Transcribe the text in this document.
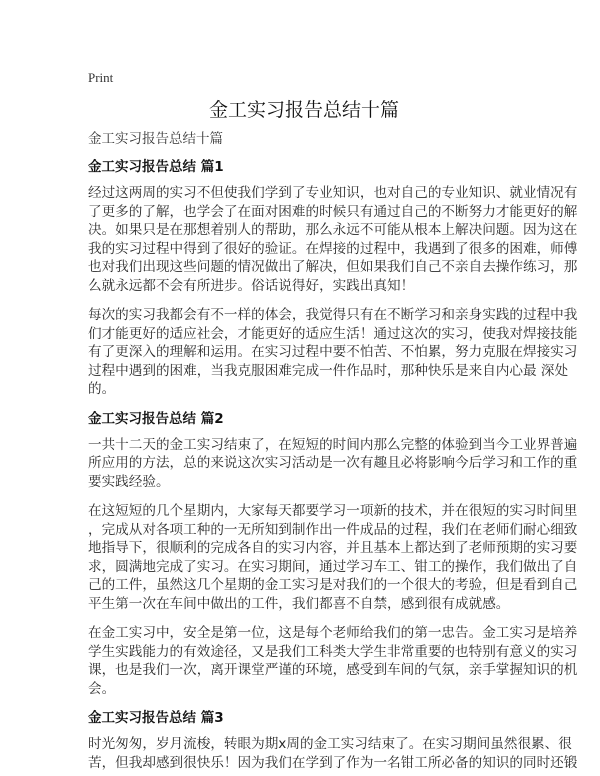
Print
金工实习报告总结十篇
金工实习报告总结十篇
金工实习报告总结 篇1
经过这两周的实习不但使我们学到了专业知识，也对自己的专业知识、就业情况有
了更多的了解，也学会了在面对困难的时候只有通过自己的不断努力才能更好的解
决。如果只是在那想着别人的帮助，那么永远不可能从根本上解决问题。因为这在
我的实习过程中得到了很好的验证。在焊接的过程中，我遇到了很多的困难，师傅
也对我们出现这些问题的情况做出了解决，但如果我们自己不亲自去操作练习，那
么就永远都不会有所进步。俗话说得好，实践出真知！
每次的实习我都会有不一样的体会，我觉得只有在不断学习和亲身实践的过程中我
们才能更好的适应社会，才能更好的适应生活！通过这次的实习，使我对焊接技能
有了更深入的理解和运用。在实习过程中要不怕苦、不怕累，努力克服在焊接实习
过程中遇到的困难，当我克服困难完成一件作品时，那种快乐是来自内心最 深处
的。
金工实习报告总结 篇2
一共十二天的金工实习结束了，在短短的时间内那么完整的体验到当今工业界普遍
所应用的方法，总的来说这次实习活动是一次有趣且必将影响今后学习和工作的重
要实践经验。
在这短短的几个星期内，大家每天都要学习一项新的技术，并在很短的实习时间里
，完成从对各项工种的一无所知到制作出一件成品的过程，我们在老师们耐心细致
地指导下，很顺利的完成各自的实习内容，并且基本上都达到了老师预期的实习要
求，圆满地完成了实习。在实习期间，通过学习车工、钳工的操作，我们做出了自
己的工件，虽然这几个星期的金工实习是对我们的一个很大的考验，但是看到自己
平生第一次在车间中做出的工件，我们都喜不自禁，感到很有成就感。
在金工实习中，安全是第一位，这是每个老师给我们的第一忠告。金工实习是培养
学生实践能力的有效途径，又是我们工科类大学生非常重要的也特别有意义的实习
课，也是我们一次，离开课堂严谨的环境，感受到车间的气氛，亲手掌握知识的机
会。
金工实习报告总结 篇3
时光匆匆，岁月流梭，转眼为期x周的金工实习结束了。在实习期间虽然很累、很
苦，但我却感到很快乐！因为我们在学到了作为一名钳工所必备的知识的同时还锻
